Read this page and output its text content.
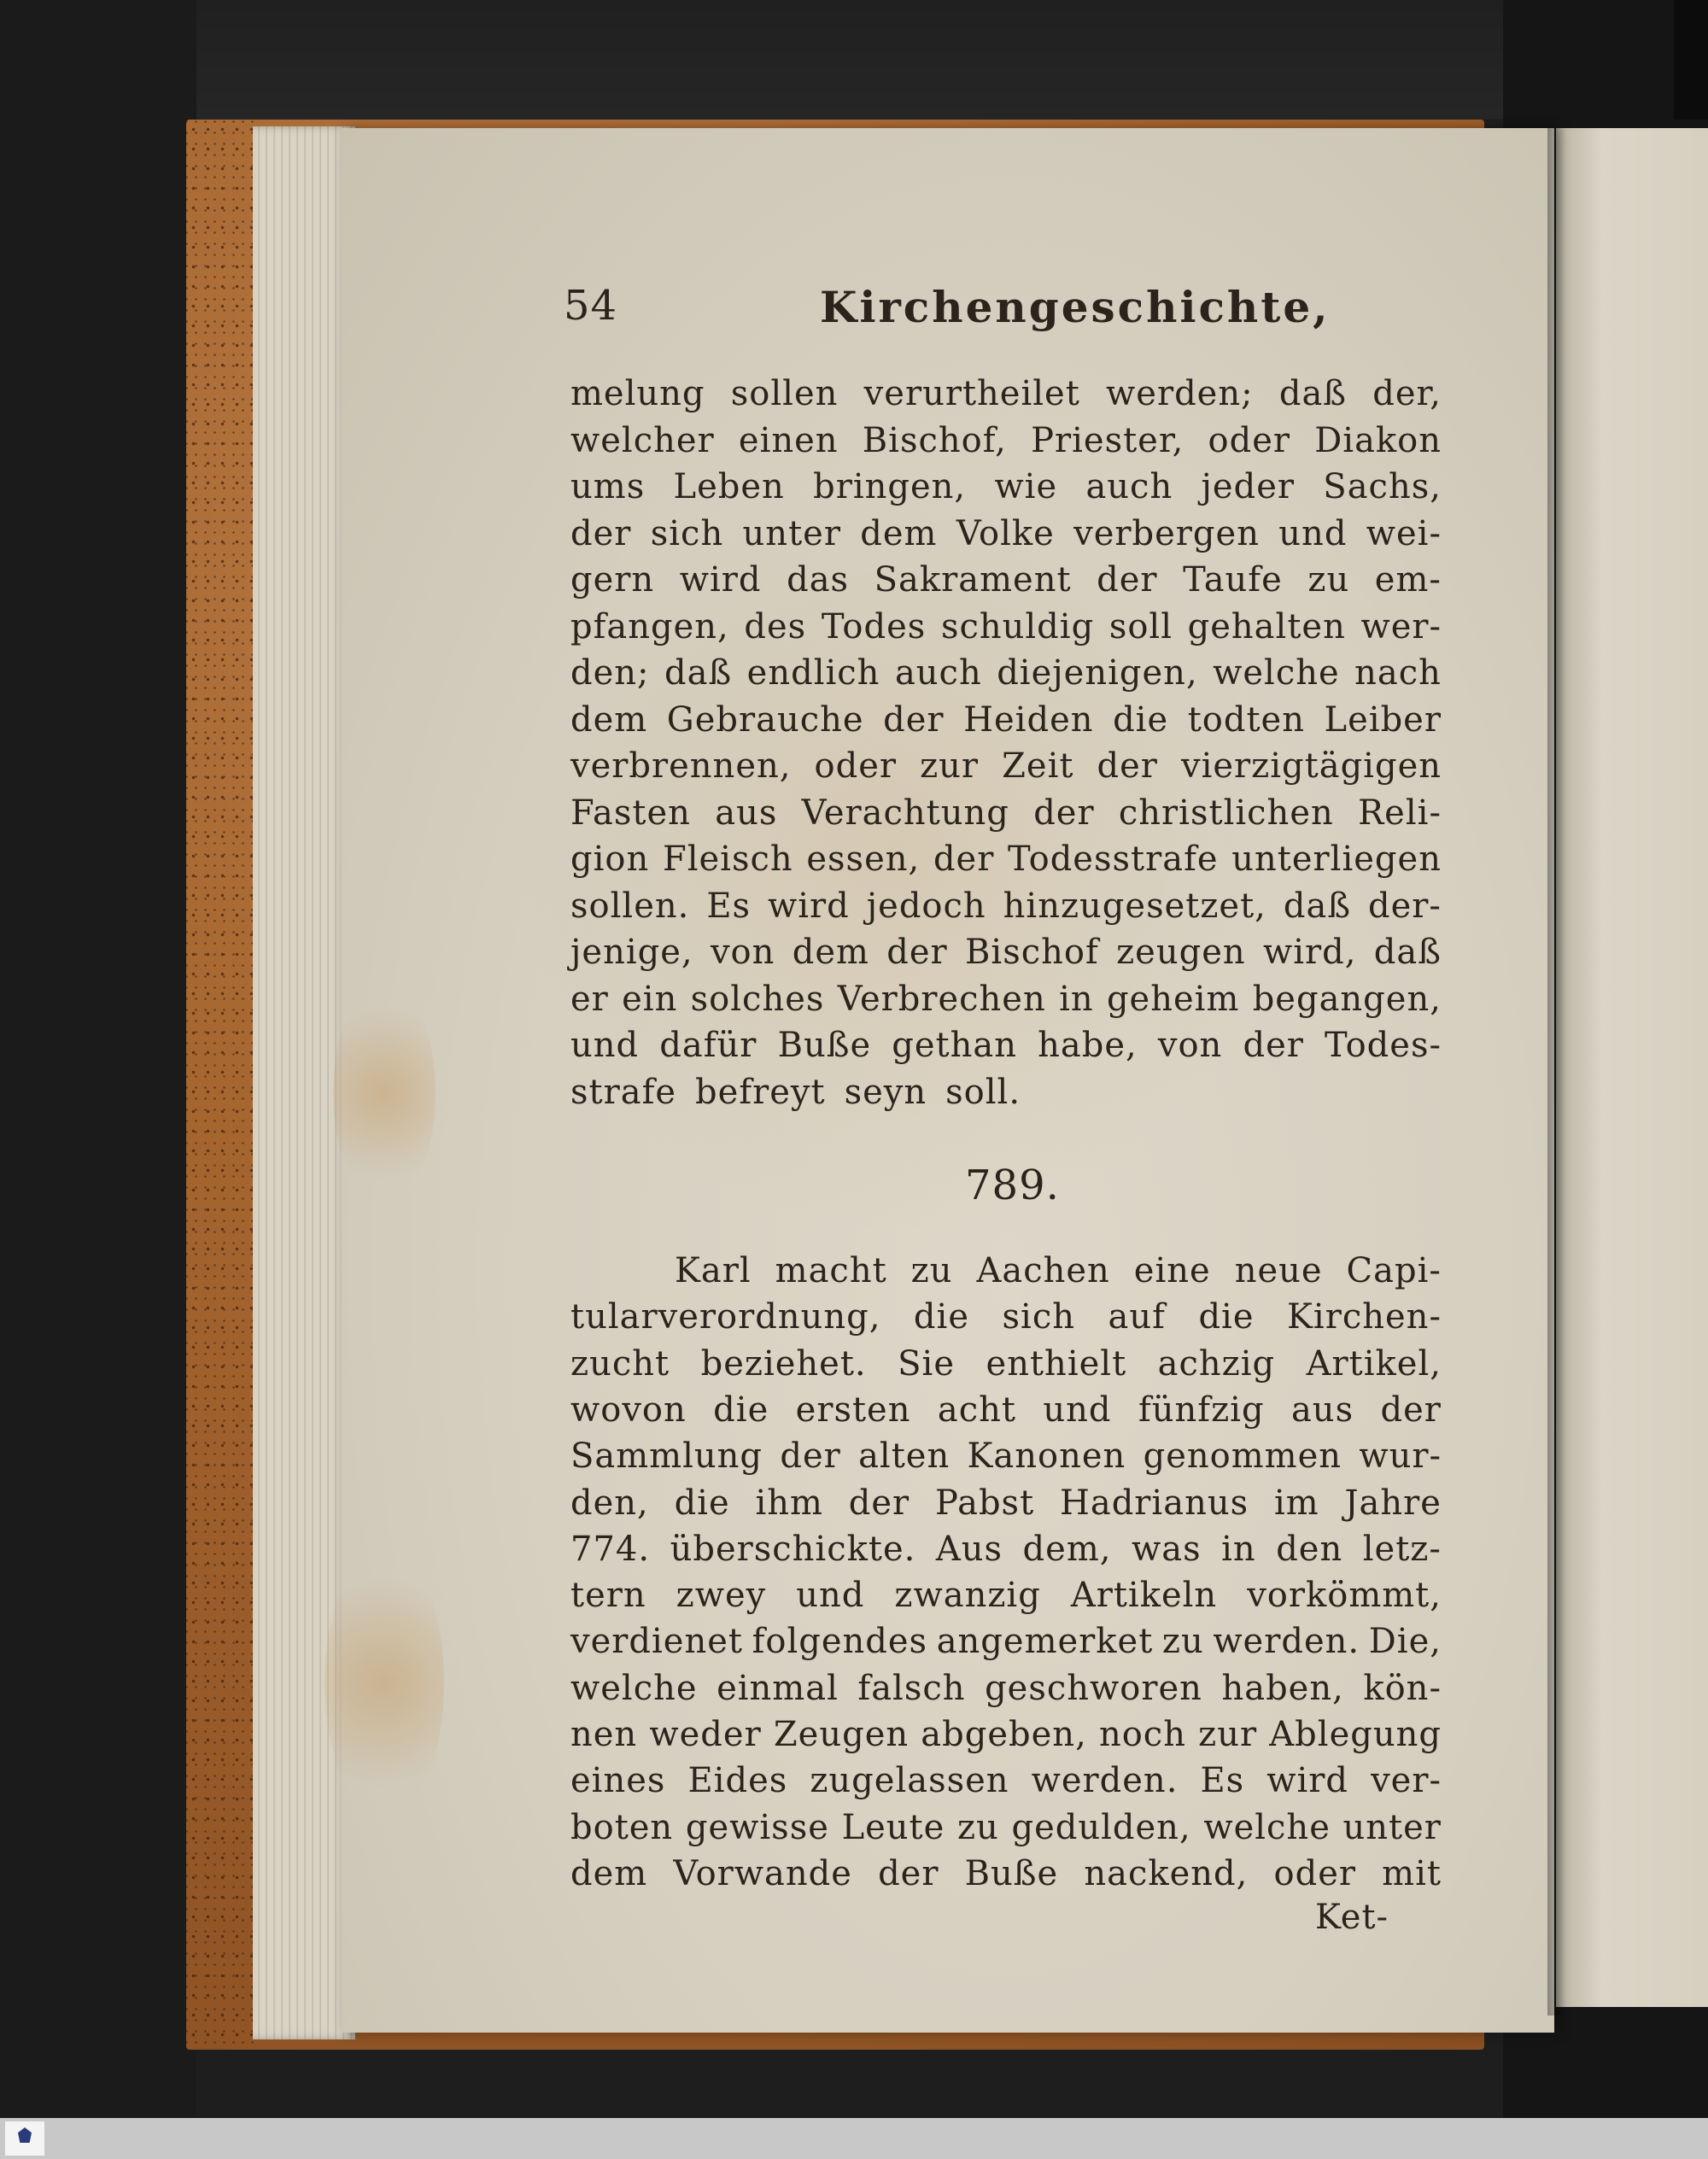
54	Kirchengeschichte,
melung sollen verurtheilet werden; daß der,
welcher einen Bischof, Priester, oder Diakon
ums Leben bringen, wie auch jeder Sachs,
der sich unter dem Volke verbergen und wei-
gern wird das Sakrament der Taufe zu em-
pfangen, des Todes schuldig soll gehalten wer-
den; daß endlich auch diejenigen, welche nach
dem Gebrauche der Heiden die todten Leiber
verbrennen, oder zur Zeit der vierzigtägigen
Fasten aus Verachtung der christlichen Reli-
gion Fleisch essen, der Todesstrafe unterliegen
sollen. Es wird jedoch hinzugesetzet, daß der-
jenige, von dem der Bischof zeugen wird, daß
er ein solches Verbrechen in geheim begangen,
und dafür Buße gethan habe, von der Todes-
strafe befreyt seyn soll.
789.
Karl macht zu Aachen eine neue Capi-
tularverordnung, die sich auf die Kirchen-
zucht beziehet. Sie enthielt achzig Artikel,
wovon die ersten acht und fünfzig aus der
Sammlung der alten Kanonen genommen wur-
den, die ihm der Pabst Hadrianus im Jahre
774. überschickte. Aus dem, was in den letz-
tern zwey und zwanzig Artikeln vorkömmt,
verdienet folgendes angemerket zu werden. Die,
welche einmal falsch geschworen haben, kön-
nen weder Zeugen abgeben, noch zur Ablegung
eines Eides zugelassen werden. Es wird ver-
boten gewisse Leute zu gedulden, welche unter
dem Vorwande der Buße nackend, oder mit
Ket-
